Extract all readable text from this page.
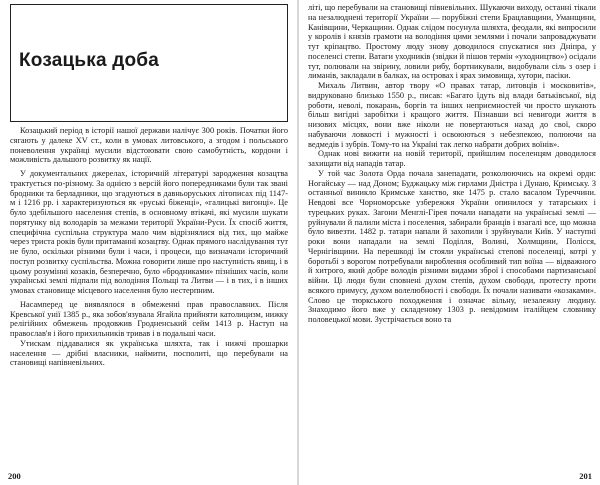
Козацька доба

Козацький період в історії нашої держави налічує 300 років. Початки його сягають у далеке XV ст., коли в умовах литовського, а згодом і польського поневолення українці мусили відстоювати свою самобутність, кордони і можливість дальшого розвитку як нації.

У документальних джерелах, історичній літературі зародження козацтва трактується по-різному. За однією з версій його попередниками були так звані бродники та берладники, що згадуються в давньоруських літописах під 1147-м і 1216 рр. і характеризуються як «руські біженці», «галицькі вигонці». Це було здебільшого населення степів, в основному втікачі, які мусили шукати порятунку від володарів за межами території України-Руси. Їх спосіб життя, специфічна суспільна структура мало чим відрізнялися від тих, що майже через триста років були притаманні козацтву. Однак прямого наслідування тут не було, оскільки різними були і часи, і процеси, що визначали історичний поступ розвитку суспільства. Можна говорити лише про наступність явищ, і в цьому розумінні козаків, безперечно, було «бродниками» пізніших часів, коли українські землі підпали під володіння Польщі та Литви — і в тих, і в інших умовах становище місцевого населення було нестерпним.

Насамперед це виявлялося в обмеженні прав православних. Після Кревської унії 1385 р., яка зобов'язувала Ягайла прийняти католицизм, нижку релігійних обмежень продовжив Гродненський сейм 1413 р. Наступ на православ'я і його прихильників тривав і в подальші часи.

Утискам піддавалися як українська шляхта, так і нижчі прошарки населення — дрібні власники, наймити, посполиті, що перебували на становищі напівневільних.

200

літі, що перебували на становищі півневільних. Шукаючи виходу, останні тікали на незалюднені території України — порубіжні степи Брацлавщини, Уманщини, Канівщини, Черкащини. Однак слідом посунула шляхта, феодали, які випросили у королів і князів грамоти на володіння цими землями і почали запроваджувати тут кріпацтво. Простому люду знову доводилося спускатися низ Дніпра, у поселенсі степи. Ватаги уходників (звідки й пішов термін «уходництво») осідали тут, полювали на звірину, ловили рибу, бортникували, видобували сіль з озер і лиманів, закладали в балках, на островах і ярах зимовища, хутори, пасіки.

Михаль Литвин, автор твору «О правах татар, литовців і московитів», видруковано близько 1550 р., писав: «Багато їдуть від влади батьківської, від роботи, неволі, покарань, боргів та інших неприємностей чи просто шукають більш вигідні заробітки і кращого життя. Пізнавши всі невигоди життя в низових місцях, вони вже ніколи не повертаються назад до свої, скоро набуваючи ловкості і мужності і освоюються з небезпекою, полюючи на ведмедів і зубрів. Тому-то на Україні так легко набрати добрих воїнів».

Однак нові вижити на новій території, прийшлим поселенцям доводилося захищати від нападів татар.

У той час Золота Орда почала занепадати, розколюючись на окремі орди: Ногайську — над Доном; Буджацьку між гирлами Дністра і Дунаю, Кримську. З останньої виникло Кримське ханство, яке 1475 р. стало васалом Туреччини. Невдові все Чорноморське узбережжя України опинилося у татарських і турецьких руках. Загони Менглі-Гірея почали нападати на українські землі — руйнували й палили міста і поселення, забирали бранців і взагалі все, що можна було вивезти. 1482 р. татари напали й захопили і зруйнували Київ. У наступні роки вони нападали на землі Поділля, Волині, Холмщини, Полісся, Чернігівщини. На перешкоді їм стояли українські степові поселенці, котрі у боротьбі з ворогом потребували вироблення особливий тип воїна — відважного й хитрого, який добре володів різними видами зброї і способами партизанської війни. Ці люди були сповнені духом степів, духом свободи, протесту проти всякого примусу, духом волелюбності і свободи. Їх почали називати «козаками». Слово це тюркського походження і означає вільну, незалежну людину. Знаходимо його вже у складеному 1303 р. невідомим італійцем словнику половецької мови. Зустрічається воно та

201
